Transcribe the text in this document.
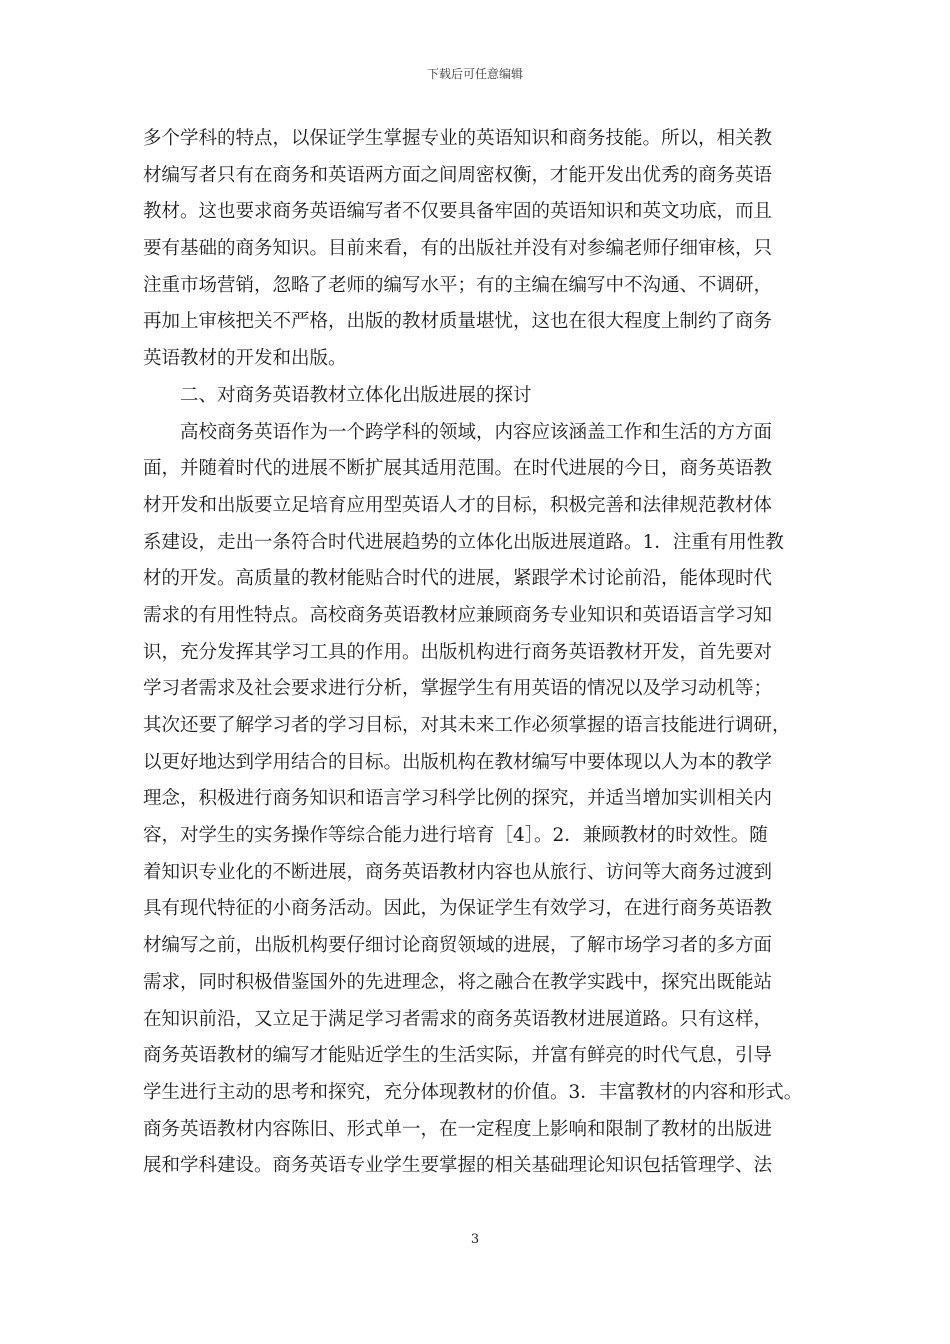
下载后可任意编辑
多个学科的特点，以保证学生掌握专业的英语知识和商务技能。所以，相关教
材编写者只有在商务和英语两方面之间周密权衡，才能开发出优秀的商务英语
教材。这也要求商务英语编写者不仅要具备牢固的英语知识和英文功底，而且
要有基础的商务知识。目前来看，有的出版社并没有对参编老师仔细审核，只
注重市场营销，忽略了老师的编写水平；有的主编在编写中不沟通、不调研，
再加上审核把关不严格，出版的教材质量堪忧，这也在很大程度上制约了商务
英语教材的开发和出版。
二、对商务英语教材立体化出版进展的探讨
高校商务英语作为一个跨学科的领域，内容应该涵盖工作和生活的方方面
面，并随着时代的进展不断扩展其适用范围。在时代进展的今日，商务英语教
材开发和出版要立足培育应用型英语人才的目标，积极完善和法律规范教材体
系建设，走出一条符合时代进展趋势的立体化出版进展道路。1．注重有用性教
材的开发。高质量的教材能贴合时代的进展，紧跟学术讨论前沿，能体现时代
需求的有用性特点。高校商务英语教材应兼顾商务专业知识和英语语言学习知
识，充分发挥其学习工具的作用。出版机构进行商务英语教材开发，首先要对
学习者需求及社会要求进行分析，掌握学生有用英语的情况以及学习动机等；
其次还要了解学习者的学习目标，对其未来工作必须掌握的语言技能进行调研，
以更好地达到学用结合的目标。出版机构在教材编写中要体现以人为本的教学
理念，积极进行商务知识和语言学习科学比例的探究，并适当增加实训相关内
容，对学生的实务操作等综合能力进行培育［4］。2．兼顾教材的时效性。随
着知识专业化的不断进展，商务英语教材内容也从旅行、访问等大商务过渡到
具有现代特征的小商务活动。因此，为保证学生有效学习，在进行商务英语教
材编写之前，出版机构要仔细讨论商贸领域的进展，了解市场学习者的多方面
需求，同时积极借鉴国外的先进理念，将之融合在教学实践中，探究出既能站
在知识前沿，又立足于满足学习者需求的商务英语教材进展道路。只有这样，
商务英语教材的编写才能贴近学生的生活实际，并富有鲜亮的时代气息，引导
学生进行主动的思考和探究，充分体现教材的价值。3．丰富教材的内容和形式。
商务英语教材内容陈旧、形式单一，在一定程度上影响和限制了教材的出版进
展和学科建设。商务英语专业学生要掌握的相关基础理论知识包括管理学、法
3
